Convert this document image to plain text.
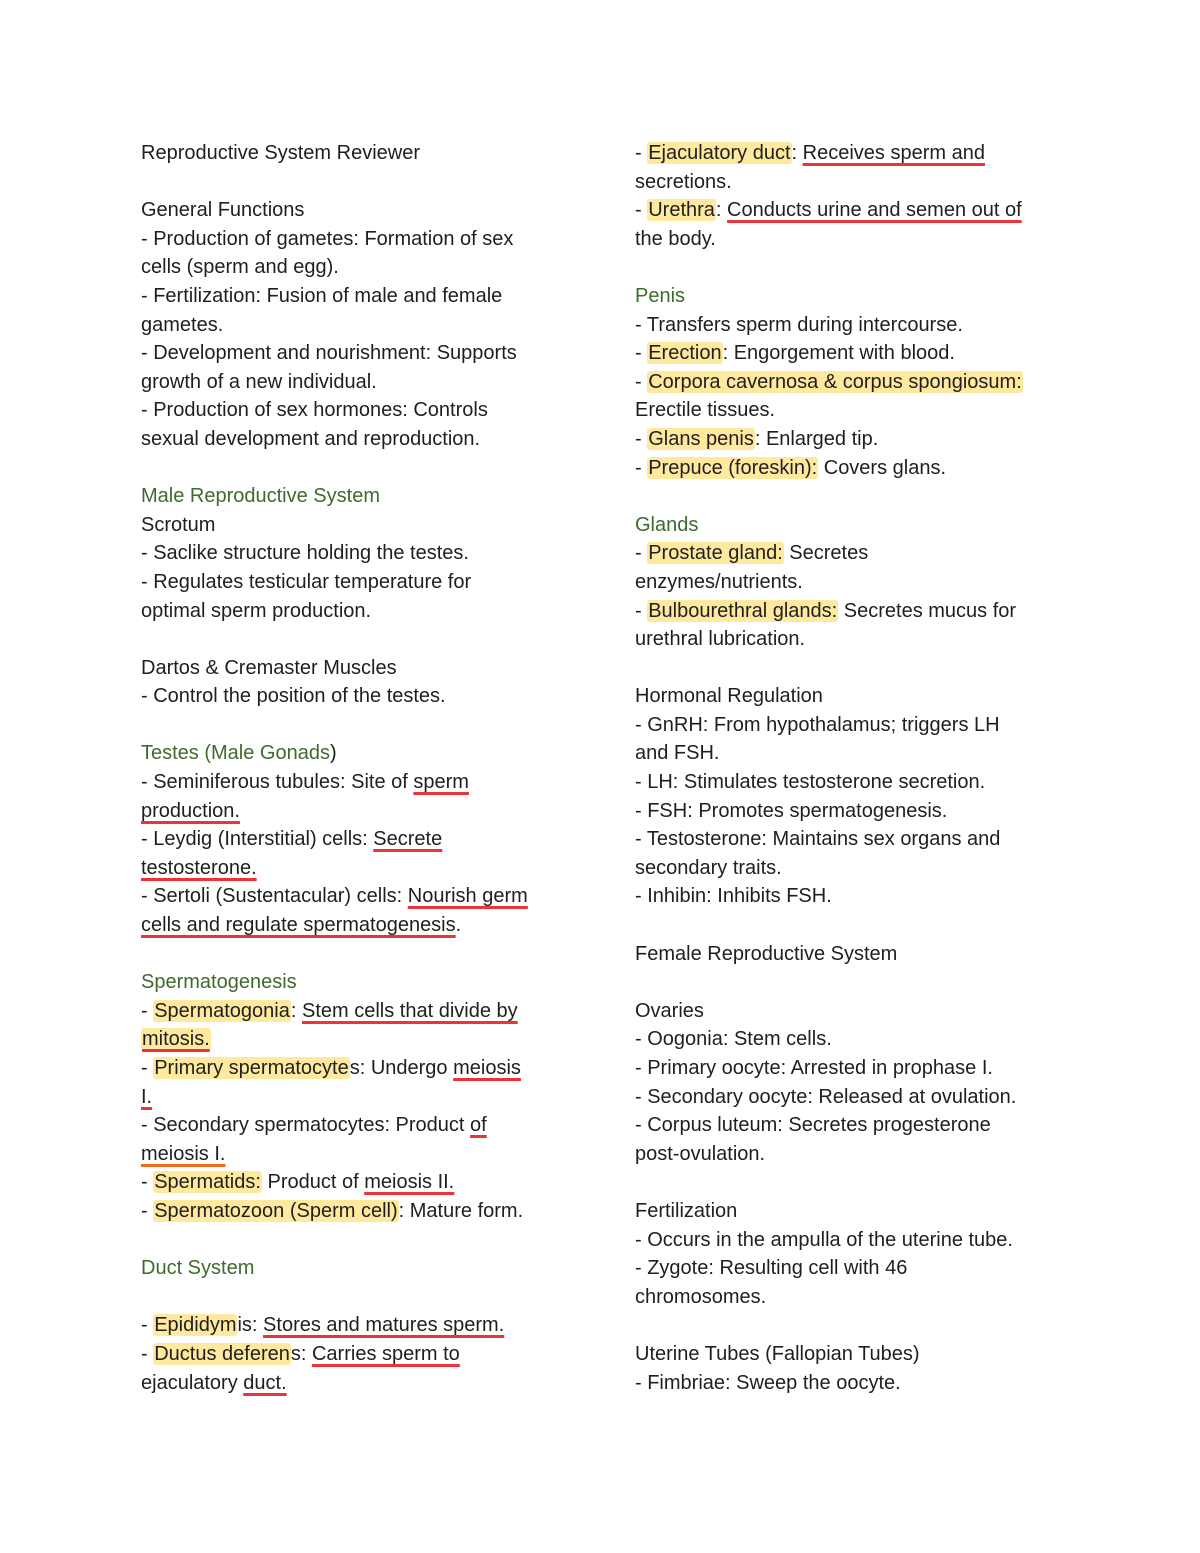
Reproductive System Reviewer
General Functions
- Production of gametes: Formation of sex
cells (sperm and egg).
- Fertilization: Fusion of male and female
gametes.
- Development and nourishment: Supports
growth of a new individual.
- Production of sex hormones: Controls
sexual development and reproduction.
Male Reproductive System
Scrotum
- Saclike structure holding the testes.
- Regulates testicular temperature for
optimal sperm production.
Dartos & Cremaster Muscles
- Control the position of the testes.
Testes (Male Gonads)
- Seminiferous tubules: Site of sperm
production.
- Leydig (Interstitial) cells: Secrete
testosterone.
- Sertoli (Sustentacular) cells: Nourish germ
cells and regulate spermatogenesis.
Spermatogenesis
- Spermatogonia: Stem cells that divide by
mitosis.
- Primary spermatocytes: Undergo meiosis
I.
- Secondary spermatocytes: Product of
meiosis I.
- Spermatids: Product of meiosis II.
- Spermatozoon (Sperm cell): Mature form.
Duct System
- Epididymis: Stores and matures sperm.
- Ductus deferens: Carries sperm to
ejaculatory duct.
- Ejaculatory duct: Receives sperm and
secretions.
- Urethra: Conducts urine and semen out of
the body.
Penis
- Transfers sperm during intercourse.
- Erection: Engorgement with blood.
- Corpora cavernosa & corpus spongiosum:
Erectile tissues.
- Glans penis: Enlarged tip.
- Prepuce (foreskin): Covers glans.
Glands
- Prostate gland: Secretes
enzymes/nutrients.
- Bulbourethral glands: Secretes mucus for
urethral lubrication.
Hormonal Regulation
- GnRH: From hypothalamus; triggers LH
and FSH.
- LH: Stimulates testosterone secretion.
- FSH: Promotes spermatogenesis.
- Testosterone: Maintains sex organs and
secondary traits.
- Inhibin: Inhibits FSH.
Female Reproductive System
Ovaries
- Oogonia: Stem cells.
- Primary oocyte: Arrested in prophase I.
- Secondary oocyte: Released at ovulation.
- Corpus luteum: Secretes progesterone
post-ovulation.
Fertilization
- Occurs in the ampulla of the uterine tube.
- Zygote: Resulting cell with 46
chromosomes.
Uterine Tubes (Fallopian Tubes)
- Fimbriae: Sweep the oocyte.
